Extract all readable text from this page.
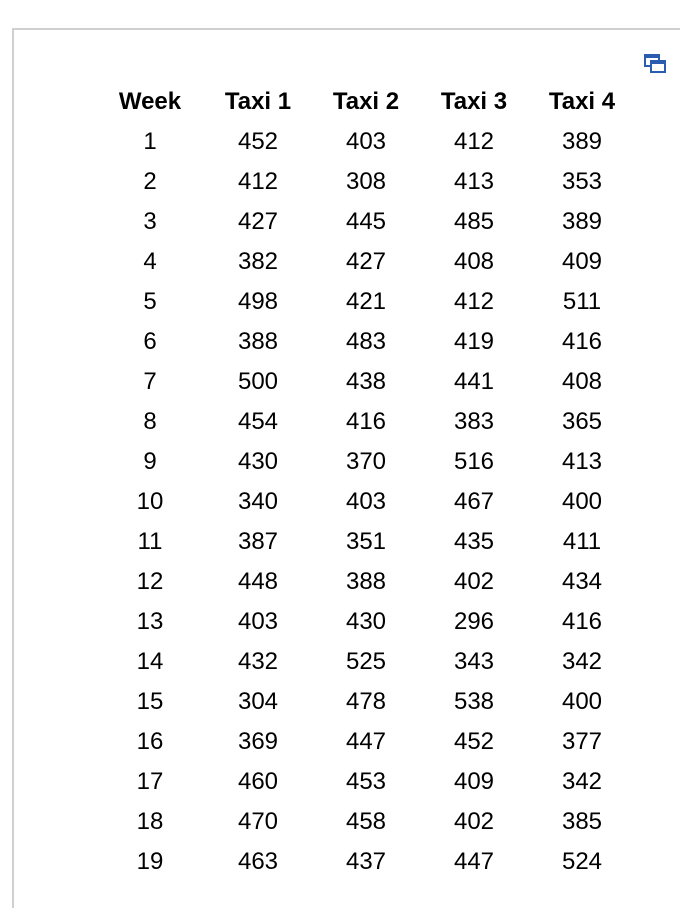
Week	Taxi 1	Taxi 2	Taxi 3	Taxi 4
1	452	403	412	389
2	412	308	413	353
3	427	445	485	389
4	382	427	408	409
5	498	421	412	511
6	388	483	419	416
7	500	438	441	408
8	454	416	383	365
9	430	370	516	413
10	340	403	467	400
11	387	351	435	411
12	448	388	402	434
13	403	430	296	416
14	432	525	343	342
15	304	478	538	400
16	369	447	452	377
17	460	453	409	342
18	470	458	402	385
19	463	437	447	524
